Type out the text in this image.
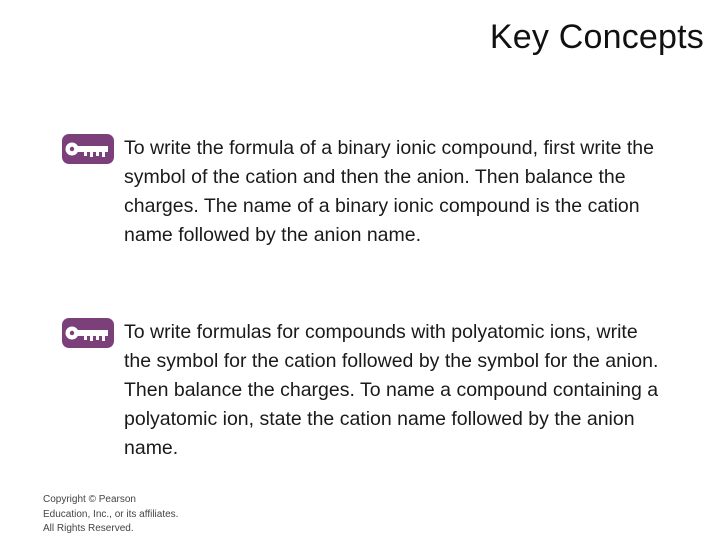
Key Concepts
To write the formula of a binary ionic compound, first write the symbol of the cation and then the anion. Then balance the charges. The name of a binary ionic compound is the cation name followed by the anion name.
To write formulas for compounds with polyatomic ions, write the symbol for the cation followed by the symbol for the anion. Then balance the charges. To name a compound containing a polyatomic ion, state the cation name followed by the anion name.
Copyright © Pearson
Education, Inc., or its affiliates.
All Rights Reserved.
